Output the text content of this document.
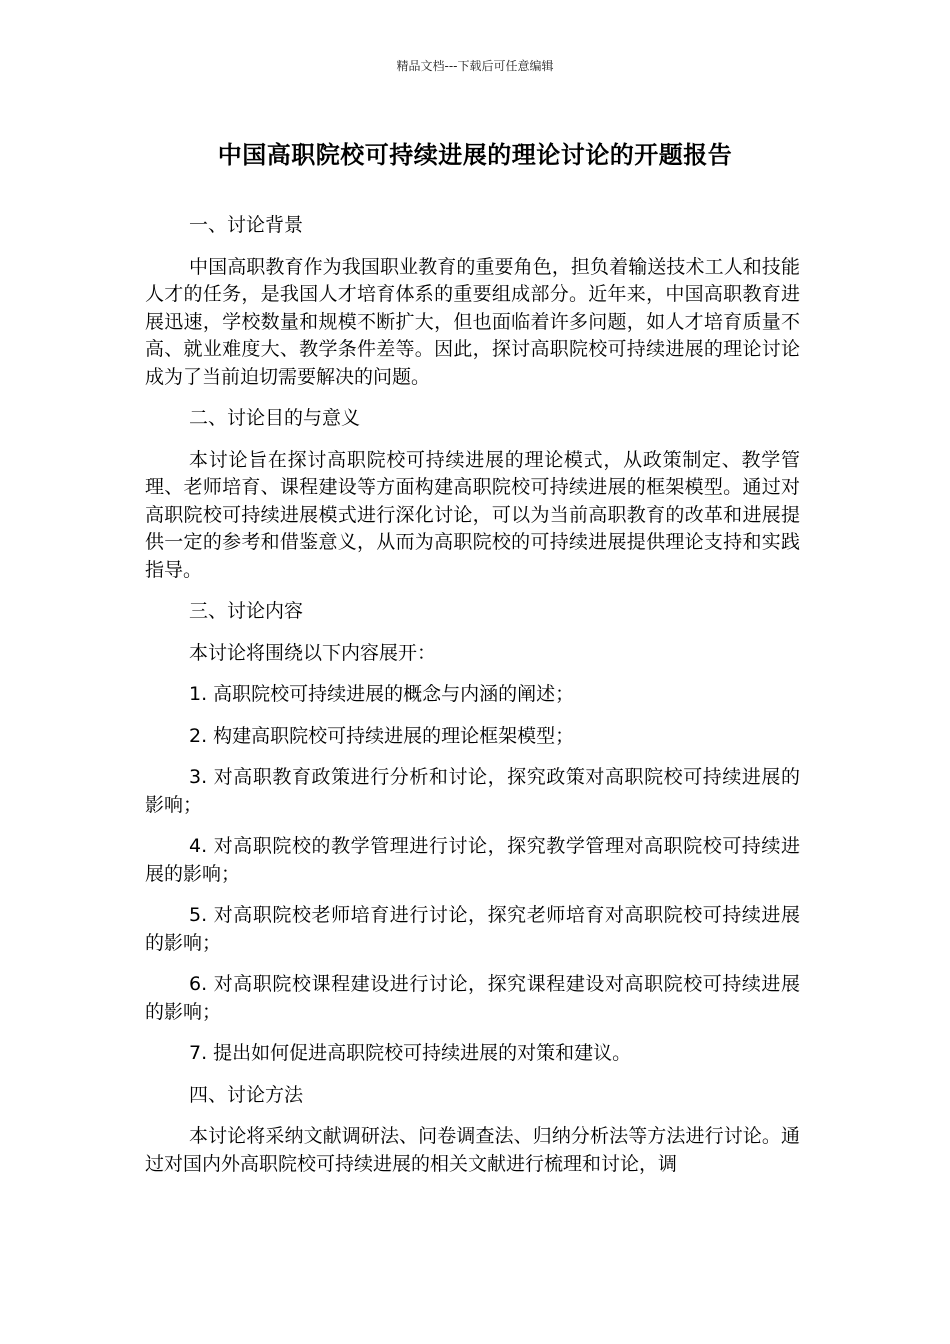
精品文档---下载后可任意编辑
中国高职院校可持续进展的理论讨论的开题报告

一、讨论背景

中国高职教育作为我国职业教育的重要角色，担负着输送技术工人和技能人才的任务，是我国人才培育体系的重要组成部分。近年来，中国高职教育进展迅速，学校数量和规模不断扩大，但也面临着许多问题，如人才培育质量不高、就业难度大、教学条件差等。因此，探讨高职院校可持续进展的理论讨论成为了当前迫切需要解决的问题。

二、讨论目的与意义

本讨论旨在探讨高职院校可持续进展的理论模式，从政策制定、教学管理、老师培育、课程建设等方面构建高职院校可持续进展的框架模型。通过对高职院校可持续进展模式进行深化讨论，可以为当前高职教育的改革和进展提供一定的参考和借鉴意义，从而为高职院校的可持续进展提供理论支持和实践指导。

三、讨论内容

本讨论将围绕以下内容展开：

1. 高职院校可持续进展的概念与内涵的阐述；

2. 构建高职院校可持续进展的理论框架模型；

3. 对高职教育政策进行分析和讨论，探究政策对高职院校可持续进展的影响；

4. 对高职院校的教学管理进行讨论，探究教学管理对高职院校可持续进展的影响；

5. 对高职院校老师培育进行讨论，探究老师培育对高职院校可持续进展的影响；

6. 对高职院校课程建设进行讨论，探究课程建设对高职院校可持续进展的影响；

7. 提出如何促进高职院校可持续进展的对策和建议。

四、讨论方法

本讨论将采纳文献调研法、问卷调查法、归纳分析法等方法进行讨论。通过对国内外高职院校可持续进展的相关文献进行梳理和讨论，调
